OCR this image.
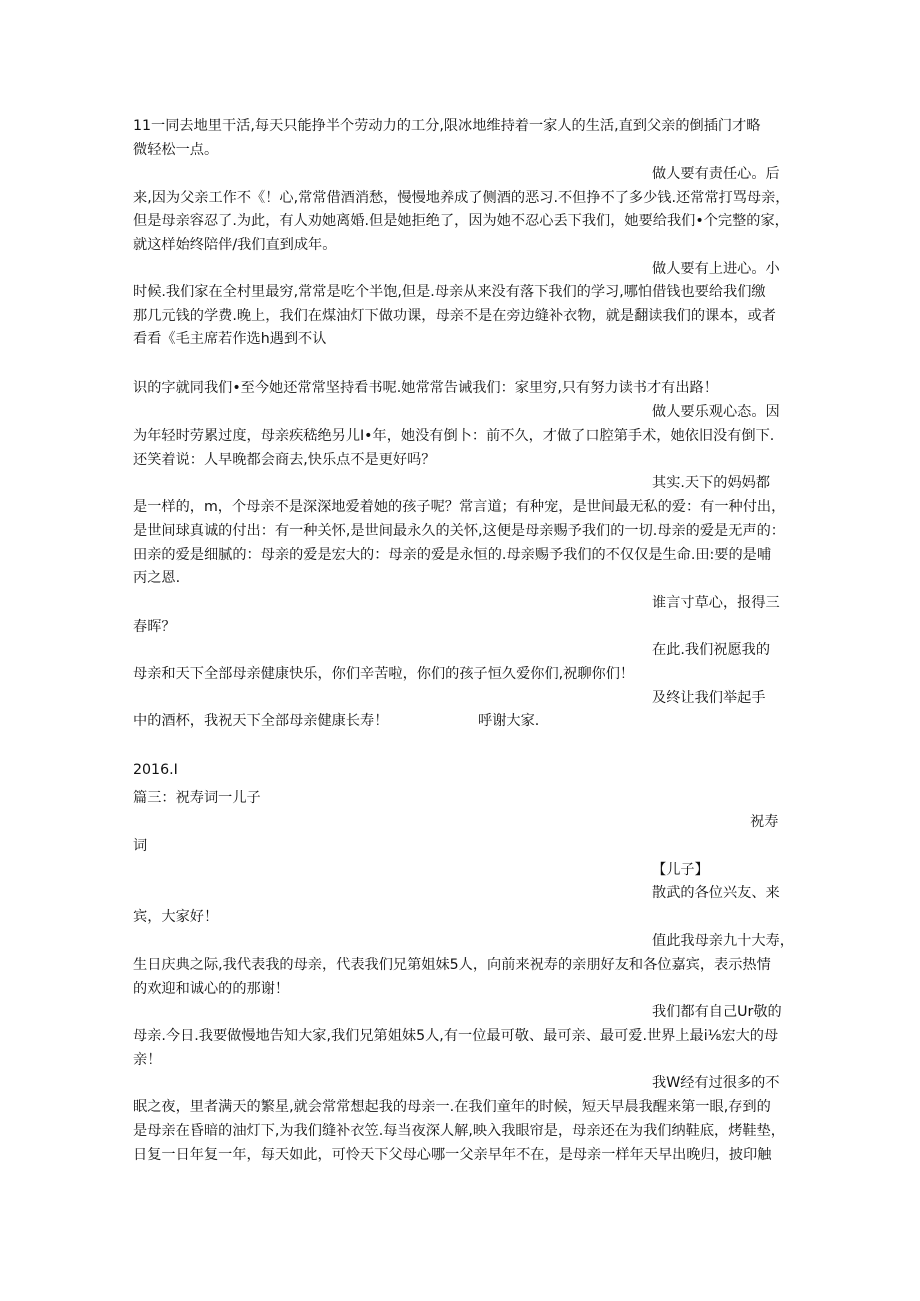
11一同去地里干活,每天只能挣半个劳动力的工分,限冰地维持着一家人的生活,直到父亲的倒插门才略
微轻松一点。
做人要有责任心。后
来,因为父亲工作不《！心,常常借酒消愁，慢慢地养成了侧酒的恶习.不但挣不了多少钱.还常常打骂母亲，
但是母亲容忍了.为此，有人劝她离婚.但是她拒绝了，因为她不忍心丢下我们，她要给我们•个完整的家，
就这样始终陪伴/我们直到成年。
做人要有上进心。小
时候.我们家在全村里最穷,常常是吃个半饱,但是.母亲从来没有落下我们的学习,哪怕借钱也要给我们缴
那几元钱的学费.晚上，我们在煤油灯下做功课，母亲不是在旁边缝补衣物，就是翻读我们的课本，或者
看看《毛主席若作选h遇到不认
识的字就同我们•至今她还常常坚持看书呢.她常常告诫我们：家里穷,只有努力读书才有出路！
做人要乐观心态。因
为年轻时劳累过度，母亲疾嵇绝另儿I•年，她没有倒卜：前不久，才做了口腔第手术，她依旧没有倒下.
还笑着说：人早晚都会商去,快乐点不是更好吗？
其实.天下的妈妈都
是一样的，m，个母亲不是深深地爱着她的孩子呢？常言道；有种宠，是世间最无私的爱：有一种付出，
是世间球真诚的付出：有一种关怀,是世间最永久的关怀,这便是母亲赐予我们的一切.母亲的爱是无声的：
田亲的爱是细腻的：母亲的爱是宏大的：母亲的爱是永恒的.母亲赐予我们的不仅仅是生命.田:要的是哺
丙之恩.
谁言寸草心，报得三
春晖？
在此.我们祝愿我的
母亲和天下全部母亲健康快乐，你们辛苦啦，你们的孩子恒久爱你们,祝聊你们！
及终让我们举起手
中的酒杯，我祝天下全部母亲健康长寿！	呼谢大家.
2016.I
篇三：祝寿词一儿子
祝寿
词
【儿子】
散武的各位兴友、来
宾，大家好！
值此我母亲九十大寿，
生日庆典之际,我代表我的母亲，代表我们兄第姐妹5人，向前来祝寿的亲朋好友和各位嘉宾，表示热情
的欢迎和诚心的的那谢！
我们都有自己Ur敬的
母亲.今日.我要做慢地告知大家,我们兄第姐妹5人,有一位最可敬、最可亲、最可爱.世界上最i⅛宏大的母
亲！
我W经有过很多的不
眠之夜，里者满天的繁星,就会常常想起我的母亲一.在我们童年的时候，短天早晨我醒来第一眼,存到的
是母亲在昏暗的油灯下,为我们缝补衣笠.每当夜深人解,映入我眼帘是，母亲还在为我们纳鞋底，烤鞋垫，
日复一日年复一年，每天如此，可怜天下父母心哪一父亲早年不在，是母亲一样年天早出晚归，披印触
